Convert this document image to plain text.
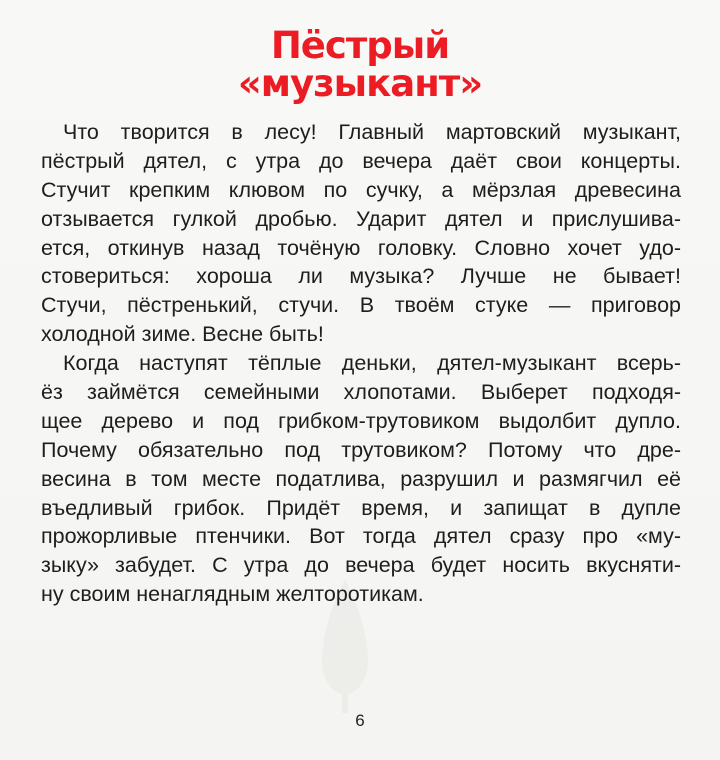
Пёстрый
«музыкант»
Что творится в лесу! Главный мартовский музыкант,
пёстрый дятел, с утра до вечера даёт свои концерты.
Стучит крепким клювом по сучку, а мёрзлая древесина
отзывается гулкой дробью. Ударит дятел и прислушива-
ется, откинув назад точёную головку. Словно хочет удо-
стовериться: хороша ли музыка? Лучше не бывает!
Стучи, пёстренький, стучи. В твоём стуке — приговор
холодной зиме. Весне быть!
Когда наступят тёплые деньки, дятел-музыкант всерь-
ёз займётся семейными хлопотами. Выберет подходя-
щее дерево и под грибком-трутовиком выдолбит дупло.
Почему обязательно под трутовиком? Потому что дре-
весина в том месте податлива, разрушил и размягчил её
въедливый грибок. Придёт время, и запищат в дупле
прожорливые птенчики. Вот тогда дятел сразу про «му-
зыку» забудет. С утра до вечера будет носить вкусняти-
ну своим ненаглядным желторотикам.
6
